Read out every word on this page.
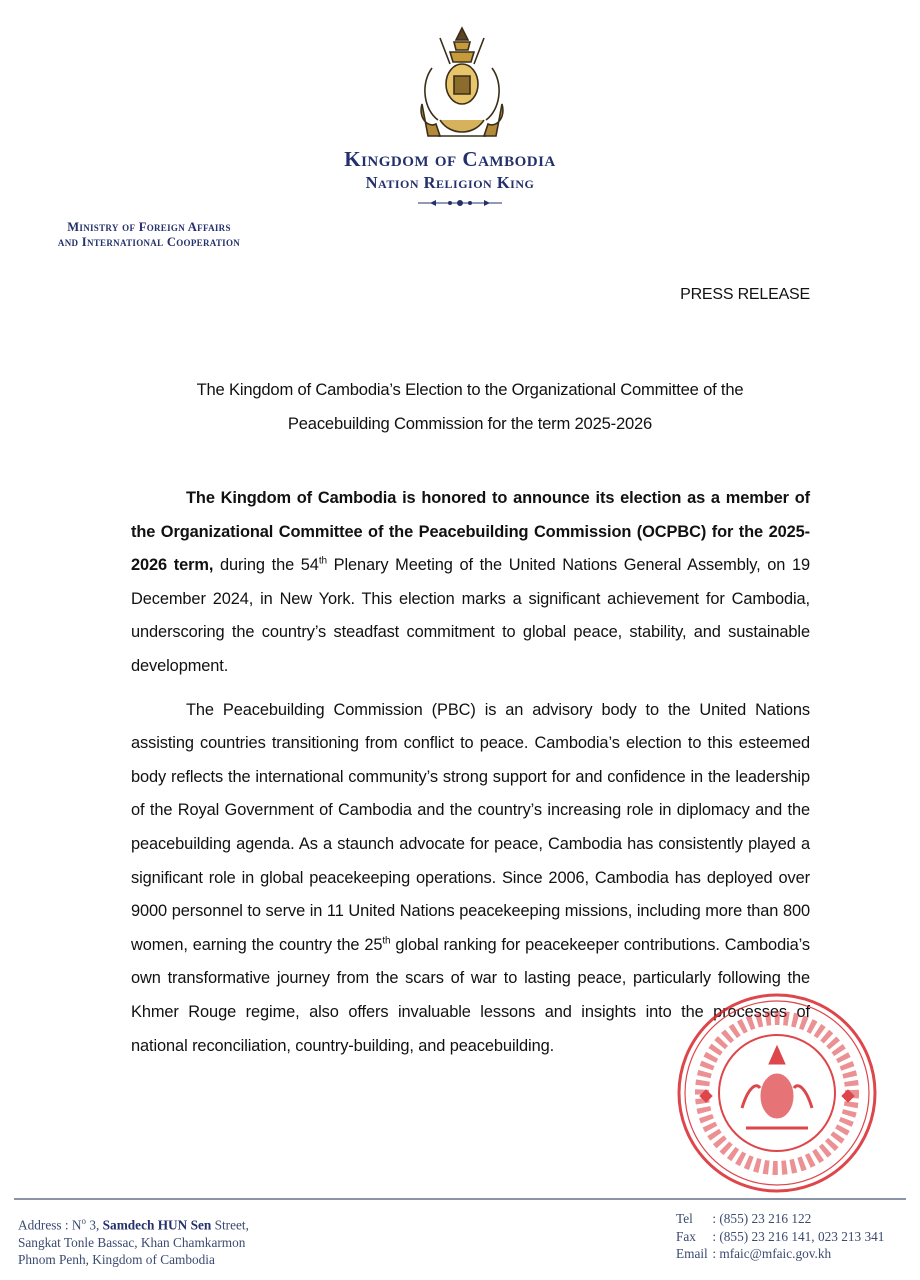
Kingdom of Cambodia
Nation Religion King
Ministry of Foreign Affairs
and International Cooperation
PRESS RELEASE
The Kingdom of Cambodia’s Election to the Organizational Committee of the
Peacebuilding Commission for the term 2025-2026

The Kingdom of Cambodia is honored to announce its election as a member of the Organizational Committee of the Peacebuilding Commission (OCPBC) for the 2025-2026 term, during the 54th Plenary Meeting of the United Nations General Assembly, on 19 December 2024, in New York. This election marks a significant achievement for Cambodia, underscoring the country’s steadfast commitment to global peace, stability, and sustainable development.

The Peacebuilding Commission (PBC) is an advisory body to the United Nations assisting countries transitioning from conflict to peace. Cambodia’s election to this esteemed body reflects the international community’s strong support for and confidence in the leadership of the Royal Government of Cambodia and the country’s increasing role in diplomacy and the peacebuilding agenda. As a staunch advocate for peace, Cambodia has consistently played a significant role in global peacekeeping operations. Since 2006, Cambodia has deployed over 9000 personnel to serve in 11 United Nations peacekeeping missions, including more than 800 women, earning the country the 25th global ranking for peacekeeper contributions. Cambodia’s own transformative journey from the scars of war to lasting peace, particularly following the Khmer Rouge regime, also offers invaluable lessons and insights into the processes of national reconciliation, country-building, and peacebuilding.

Address : $N^o$ 3, Samdech HUN Sen Street,
Sangkat Tonle Bassac, Khan Chamkarmon
Phnom Penh, Kingdom of Cambodia
Tel : (855) 23 216 122
Fax : (855) 23 216 141, 023 213 341
Email : mfaic@mfaic.gov.kh
